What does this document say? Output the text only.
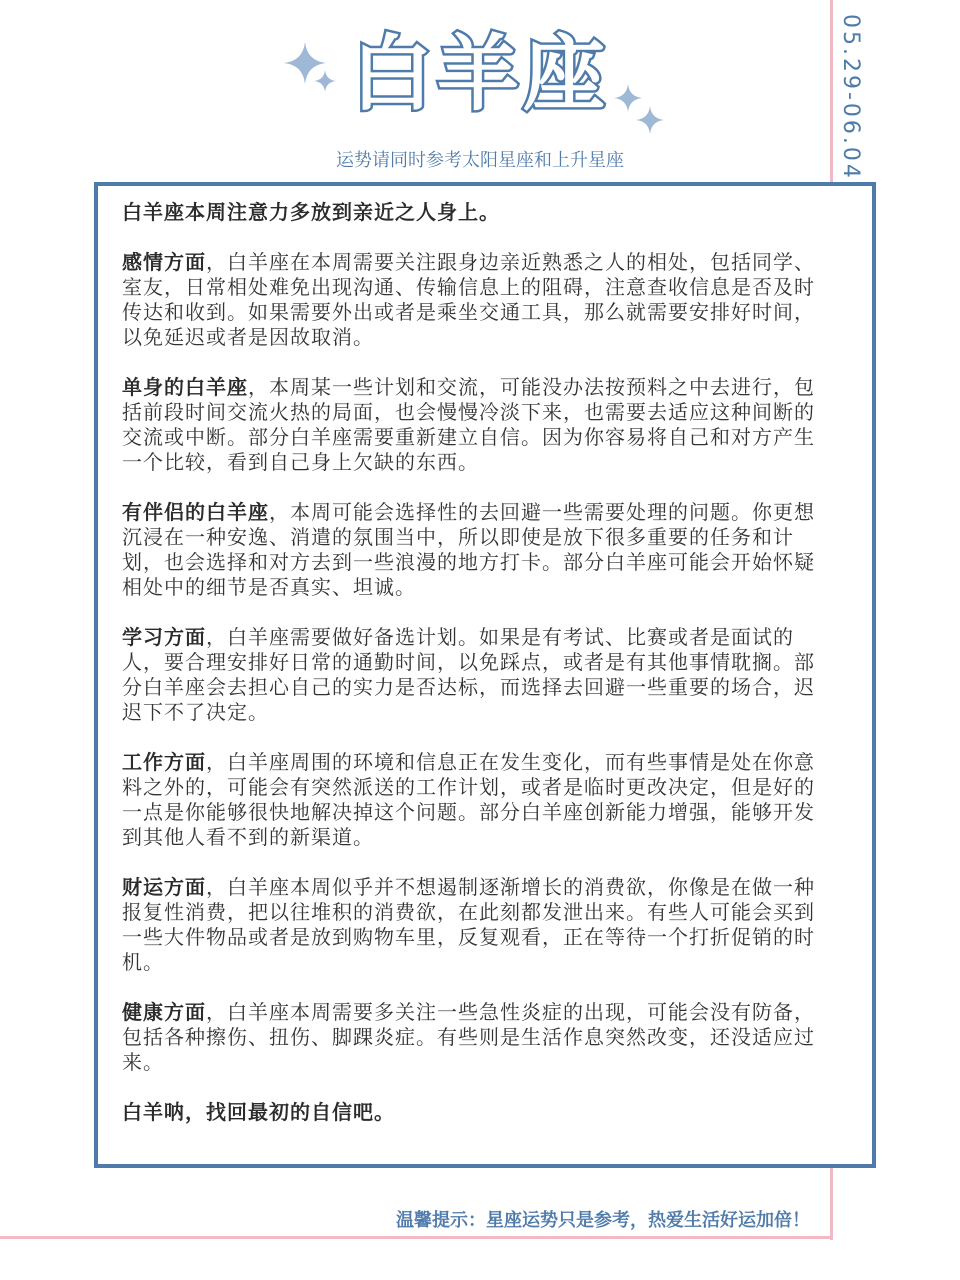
白羊座
运势请同时参考太阳星座和上升星座	05.29-06.04

白羊座本周注意力多放到亲近之人身上。

感情方面，白羊座在本周需要关注跟身边亲近熟悉之人的相处，包括同学、室友，日常相处难免出现沟通、传输信息上的阻碍，注意查收信息是否及时传达和收到。如果需要外出或者是乘坐交通工具，那么就需要安排好时间，以免延迟或者是因故取消。

单身的白羊座，本周某一些计划和交流，可能没办法按预料之中去进行，包括前段时间交流火热的局面，也会慢慢冷淡下来，也需要去适应这种间断的交流或中断。部分白羊座需要重新建立自信。因为你容易将自己和对方产生一个比较，看到自己身上欠缺的东西。

有伴侣的白羊座，本周可能会选择性的去回避一些需要处理的问题。你更想沉浸在一种安逸、消遣的氛围当中，所以即使是放下很多重要的任务和计划，也会选择和对方去到一些浪漫的地方打卡。部分白羊座可能会开始怀疑相处中的细节是否真实、坦诚。

学习方面，白羊座需要做好备选计划。如果是有考试、比赛或者是面试的人，要合理安排好日常的通勤时间，以免踩点，或者是有其他事情耽搁。部分白羊座会去担心自己的实力是否达标，而选择去回避一些重要的场合，迟迟下不了决定。

工作方面，白羊座周围的环境和信息正在发生变化，而有些事情是处在你意料之外的，可能会有突然派送的工作计划，或者是临时更改决定，但是好的一点是你能够很快地解决掉这个问题。部分白羊座创新能力增强，能够开发到其他人看不到的新渠道。

财运方面，白羊座本周似乎并不想遏制逐渐增长的消费欲，你像是在做一种报复性消费，把以往堆积的消费欲，在此刻都发泄出来。有些人可能会买到一些大件物品或者是放到购物车里，反复观看，正在等待一个打折促销的时机。

健康方面，白羊座本周需要多关注一些急性炎症的出现，可能会没有防备，包括各种擦伤、扭伤、脚踝炎症。有些则是生活作息突然改变，还没适应过来。

白羊呐，找回最初的自信吧。

温馨提示：星座运势只是参考，热爱生活好运加倍！
